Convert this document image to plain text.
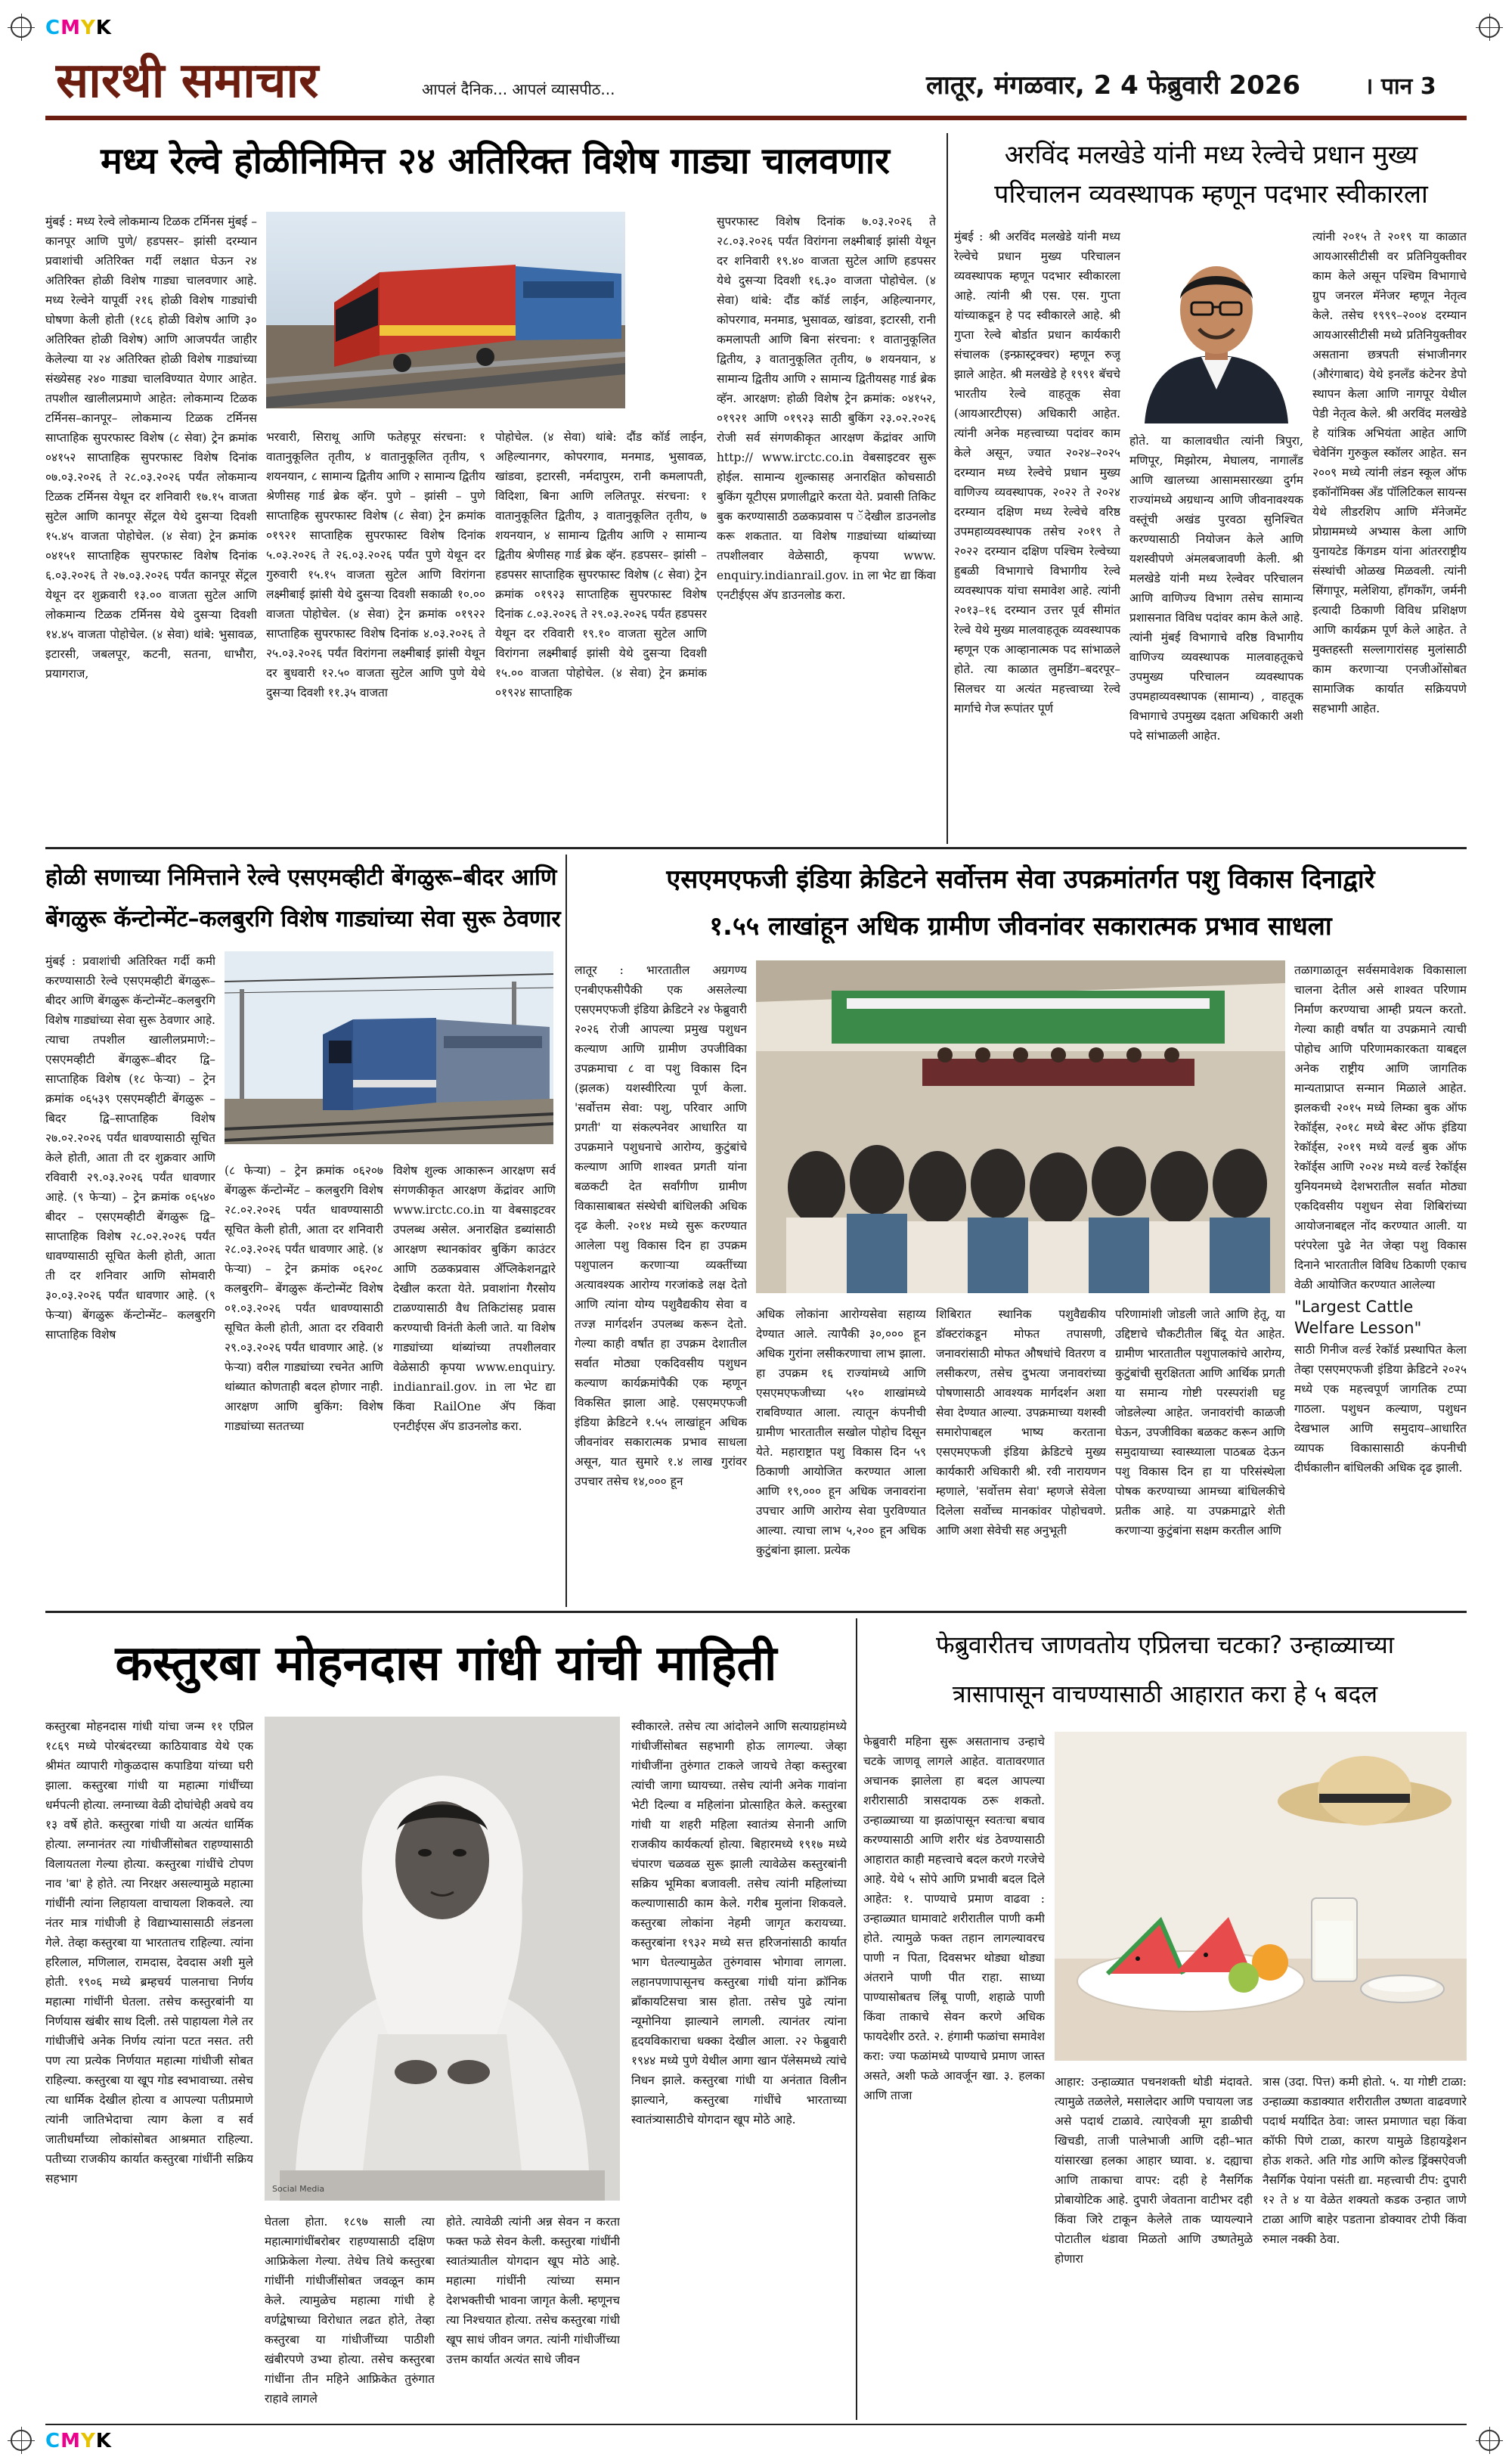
CMYK
CMYK
सारथी समाचार	आपलं दैनिक... आपलं व्यासपीठ...	लातूर, मंगळवार, 2 4 फेब्रुवारी 2026	। पान 3
मध्य रेल्वे होळीनिमित्त २४ अतिरिक्त विशेष गाड्या चालवणार
मुंबई : मध्य रेल्वे लोकमान्य टिळक टर्मिनस मुंबई – कानपूर आणि पुणे/ हडपसर– झांसी दरम्यान प्रवाशांची अतिरिक्त गर्दी लक्षात घेऊन २४ अतिरिक्त होळी विशेष गाड्या चालवणार आहे. मध्य रेल्वेने यापूर्वी २१६ होळी विशेष गाड्यांची घोषणा केली होती (१८६ होळी विशेष आणि ३० अतिरिक्त होळी विशेष) आणि आजपर्यंत जाहीर केलेल्या या २४ अतिरिक्त होळी विशेष गाड्यांच्या संख्येसह २४० गाड्या चालविण्यात येणार आहेत. तपशील खालीलप्रमाणे आहेत: लोकमान्य टिळक टर्मिनस–कानपूर– लोकमान्य टिळक टर्मिनस साप्ताहिक सुपरफास्ट विशेष (८ सेवा) ट्रेन क्रमांक ०४१५२ साप्ताहिक सुपरफास्ट विशेष दिनांक ०७.०३.२०२६ ते २८.०३.२०२६ पर्यंत लोकमान्य टिळक टर्मिनस येथून दर शनिवारी १७.१५ वाजता सुटेल आणि कानपूर सेंट्रल येथे दुसऱ्या दिवशी १५.४५ वाजता पोहोचेल. (४ सेवा) ट्रेन क्रमांक ०४१५१ साप्ताहिक सुपरफास्ट विशेष दिनांक ६.०३.२०२६ ते २७.०३.२०२६ पर्यंत कानपूर सेंट्रल येथून दर शुक्रवारी १३.०० वाजता सुटेल आणि लोकमान्य टिळक टर्मिनस येथे दुसऱ्या दिवशी १४.४५ वाजता पोहोचेल. (४ सेवा) थांबे: भुसावळ, इटारसी, जबलपूर, कटनी, सतना, धाभौरा, प्रयागराज,
भरवारी, सिराथू आणि फतेहपूर संरचना: १ वातानुकूलित तृतीय, ४ वातानुकूलित तृतीय, ९ शयनयान, ८ सामान्य द्वितीय आणि २ सामान्य द्वितीय श्रेणीसह गार्ड ब्रेक व्हॅन. पुणे – झांसी – पुणे साप्ताहिक सुपरफास्ट विशेष (८ सेवा) ट्रेन क्रमांक ०१९२१ साप्ताहिक सुपरफास्ट विशेष दिनांक ५.०३.२०२६ ते २६.०३.२०२६ पर्यंत पुणे येथून दर गुरुवारी १५.१५ वाजता सुटेल आणि विरांगना लक्ष्मीबाई झांसी येथे दुसऱ्या दिवशी सकाळी १०.०० वाजता पोहोचेल. (४ सेवा) ट्रेन क्रमांक ०१९२२ साप्ताहिक सुपरफास्ट विशेष दिनांक ४.०३.२०२६ ते २५.०३.२०२६ पर्यंत विरांगना लक्ष्मीबाई झांसी येथून दर बुधवारी १२.५० वाजता सुटेल आणि पुणे येथे दुसऱ्या दिवशी ११.३५ वाजता
पोहोचेल. (४ सेवा) थांबे: दौंड कॉर्ड लाईन, अहिल्यानगर, कोपरगाव, मनमाड, भुसावळ, खांडवा, इटारसी, नर्मदापुरम, रानी कमलापती, विदिशा, बिना आणि ललितपूर. संरचना: १ वातानुकूलित द्वितीय, ३ वातानुकूलित तृतीय, ७ शयनयान, ४ सामान्य द्वितीय आणि २ सामान्य द्वितीय श्रेणीसह गार्ड ब्रेक व्हॅन. हडपसर– झांसी – हडपसर साप्ताहिक सुपरफास्ट विशेष (८ सेवा) ट्रेन क्रमांक ०१९२३ साप्ताहिक सुपरफास्ट विशेष दिनांक ८.०३.२०२६ ते २९.०३.२०२६ पर्यंत हडपसर येथून दर रविवारी १९.१० वाजता सुटेल आणि विरांगना लक्ष्मीबाई झांसी येथे दुसऱ्या दिवशी १५.०० वाजता पोहोचेल. (४ सेवा) ट्रेन क्रमांक ०१९२४ साप्ताहिक
सुपरफास्ट विशेष दिनांक ७.०३.२०२६ ते २८.०३.२०२६ पर्यंत विरांगना लक्ष्मीबाई झांसी येथून दर शनिवारी १९.४० वाजता सुटेल आणि हडपसर येथे दुसऱ्या दिवशी १६.३० वाजता पोहोचेल. (४ सेवा) थांबे: दौंड कॉर्ड लाईन, अहिल्यानगर, कोपरगाव, मनमाड, भुसावळ, खांडवा, इटारसी, रानी कमलापती आणि बिना संरचना: १ वातानुकूलित द्वितीय, ३ वातानुकूलित तृतीय, ७ शयनयान, ४ सामान्य द्वितीय आणि २ सामान्य द्वितीयसह गार्ड ब्रेक व्हॅन. आरक्षण: होळी विशेष ट्रेन क्रमांक: ०४१५२, ०१९२१ आणि ०१९२३ साठी बुकिंग २३.०२.२०२६ रोजी सर्व संगणकीकृत आरक्षण केंद्रांवर आणि http:// www.irctc.co.in वेबसाइटवर सुरू होईल. सामान्य शुल्कासह अनारक्षित कोचसाठी बुकिंग यूटीएस प्रणालीद्वारे करता येते. प्रवासी तिकिट बुक करण्यासाठी ठळकप्रवास प ॅदेखील डाउनलोड करू शकतात. या विशेष गाड्यांच्या थांब्यांच्या तपशीलवार वेळेसाठी, कृपया www. enquiry.indianrail.gov. in ला भेट द्या किंवा एनटीईएस ॲप डाउनलोड करा.
अरविंद मलखेडे यांनी मध्य रेल्वेचे प्रधान मुख्य
परिचालन व्यवस्थापक म्हणून पदभार स्वीकारला
मुंबई : श्री अरविंद मलखेडे यांनी मध्य रेल्वेचे प्रधान मुख्य परिचालन व्यवस्थापक म्हणून पदभार स्वीकारला आहे. त्यांनी श्री एस. एस. गुप्ता यांच्याकडून हे पद स्वीकारले आहे. श्री गुप्ता रेल्वे बोर्डात प्रधान कार्यकारी संचालक (इन्फ्रास्ट्रक्चर) म्हणून रुजू झाले आहेत. श्री मलखेडे हे १९९१ बॅचचे भारतीय रेल्वे वाहतूक सेवा (आयआरटीएस) अधिकारी आहेत. त्यांनी अनेक महत्त्वाच्या पदांवर काम केले असून, ज्यात २०२४–२०२५ दरम्यान मध्य रेल्वेचे प्रधान मुख्य वाणिज्य व्यवस्थापक, २०२२ ते २०२४ दरम्यान दक्षिण मध्य रेल्वेचे वरिष्ठ उपमहाव्यवस्थापक तसेच २०१९ ते २०२२ दरम्यान दक्षिण पश्चिम रेल्वेच्या हुबळी विभागाचे विभागीय रेल्वे व्यवस्थापक यांचा समावेश आहे. त्यांनी २०१३–१६ दरम्यान उत्तर पूर्व सीमांत रेल्वे येथे मुख्य मालवाहतूक व्यवस्थापक म्हणून एक आव्हानात्मक पद सांभाळले होते. त्या काळात लुमडिंग–बदरपूर–सिलचर या अत्यंत महत्त्वाच्या रेल्वे मार्गाचे गेज रूपांतर पूर्ण
होते. या कालावधीत त्यांनी त्रिपुरा, मणिपूर, मिझोरम, मेघालय, नागालँड आणि खालच्या आसामसारख्या दुर्गम राज्यांमध्ये अग्रधान्य आणि जीवनावश्यक वस्तूंची अखंड पुरवठा सुनिश्चित करण्यासाठी नियोजन केले आणि यशस्वीपणे अंमलबजावणी केली. श्री मलखेडे यांनी मध्य रेल्वेवर परिचालन आणि वाणिज्य विभाग तसेच सामान्य प्रशासनात विविध पदांवर काम केले आहे. त्यांनी मुंबई विभागाचे वरिष्ठ विभागीय वाणिज्य व्यवस्थापक मालवाहतूकचे उपमुख्य परिचालन व्यवस्थापक उपमहाव्यवस्थापक (सामान्य) , वाहतूक विभागाचे उपमुख्य दक्षता अधिकारी अशी पदे सांभाळली आहेत.
त्यांनी २०१५ ते २०१९ या काळात आयआरसीटीसी वर प्रतिनियुक्तीवर काम केले असून पश्चिम विभागाचे ग्रुप जनरल मॅनेजर म्हणून नेतृत्व केले. तसेच १९९९–२००४ दरम्यान आयआरसीटीसी मध्ये प्रतिनियुक्तीवर असताना छत्रपती संभाजीनगर (औरंगाबाद) येथे इनलँड कंटेनर डेपो स्थापन केला आणि नागपूर येथील पेडी नेतृत्व केले. श्री अरविंद मलखेडे हे यांत्रिक अभियंता आहेत आणि चेवेनिंग गुरुकुल स्कॉलर आहेत. सन २००९ मध्ये त्यांनी लंडन स्कूल ऑफ इकॉनॉमिक्स ॲंड पॉलिटिकल सायन्स येथे लीडरशिप आणि मॅनेजमेंट प्रोग्राममध्ये अभ्यास केला आणि युनायटेड किंगडम यांना आंतरराष्ट्रीय संस्थांची ओळख मिळवली. त्यांनी सिंगापूर, मलेशिया, हॉंगकॉंग, जर्मनी इत्यादी ठिकाणी विविध प्रशिक्षण आणि कार्यक्रम पूर्ण केले आहेत. ते मुक्तहस्ती सल्लागारांसह मुलांसाठी काम करणाऱ्या एनजीओंसोबत सामाजिक कार्यात सक्रियपणे सहभागी आहेत.
होळी सणाच्या निमित्ताने रेल्वे एसएमव्हीटी बेंगळुरू–बीदर आणि
बेंगळुरू कॅन्टोन्मेंट–कलबुरगि विशेष गाड्यांच्या सेवा सुरू ठेवणार
मुंबई : प्रवाशांची अतिरिक्त गर्दी कमी करण्यासाठी रेल्वे एसएमव्हीटी बेंगळुरू–बीदर आणि बेंगळुरू कॅन्टोन्मेंट–कलबुरगि विशेष गाड्यांच्या सेवा सुरू ठेवणार आहे. त्याचा तपशील खालीलप्रमाणे:– एसएमव्हीटी बेंगळुरू–बीदर द्वि–साप्ताहिक विशेष (१८ फेऱ्या) – ट्रेन क्रमांक ०६५३९ एसएमव्हीटी बेंगळुरू – बिदर द्वि–साप्ताहिक विशेष २७.०२.२०२६ पर्यंत धावण्यासाठी सूचित केले होती, आता ती दर शुक्रवार आणि रविवारी २९.०३.२०२६ पर्यंत धावणार आहे. (९ फेऱ्या) – ट्रेन क्रमांक ०६५४० बीदर – एसएमव्हीटी बेंगळुरू द्वि–साप्ताहिक विशेष २८.०२.२०२६ पर्यंत धावण्यासाठी सूचित केली होती, आता ती दर शनिवार आणि सोमवारी ३०.०३.२०२६ पर्यंत धावणार आहे. (९ फेऱ्या) बेंगळुरू कॅन्टोन्मेंट– कलबुरगि साप्ताहिक विशेष
(८ फेऱ्या) – ट्रेन क्रमांक ०६२०७ बेंगळुरू कॅन्टोन्मेंट – कलबुरगि विशेष २८.०२.२०२६ पर्यंत धावण्यासाठी सूचित केली होती, आता दर शनिवारी २८.०३.२०२६ पर्यंत धावणार आहे. (४ फेऱ्या) – ट्रेन क्रमांक ०६२०८ कलबुरगि– बेंगळुरू कॅन्टोन्मेंट विशेष ०१.०३.२०२६ पर्यंत धावण्यासाठी सूचित केली होती, आता दर रविवारी २९.०३.२०२६ पर्यंत धावणार आहे. (४ फेऱ्या) वरील गाड्यांच्या रचनेत आणि थांब्यात कोणताही बदल होणार नाही. आरक्षण आणि बुकिंग: विशेष गाड्यांच्या सततच्या
विशेष शुल्क आकारून आरक्षण सर्व संगणकीकृत आरक्षण केंद्रांवर आणि www.irctc.co.in या वेबसाइटवर उपलब्ध असेल. अनारक्षित डब्यांसाठी आरक्षण स्थानकांवर बुकिंग काउंटर आणि ठळकप्रवास ॲप्लिकेशनद्वारे देखील करता येते. प्रवाशांना गैरसोय टाळण्यासाठी वैध तिकिटांसह प्रवास करण्याची विनंती केली जाते. या विशेष गाड्यांच्या थांब्यांच्या तपशीलवार वेळेसाठी कृपया www.enquiry. indianrail.gov. in ला भेट द्या किंवा RailOne ॲप किंवा एनटीईएस ॲप डाउनलोड करा.
एसएमएफजी इंडिया क्रेडिटने सर्वोत्तम सेवा उपक्रमांतर्गत पशु विकास दिनाद्वारे
१.५५ लाखांहून अधिक ग्रामीण जीवनांवर सकारात्मक प्रभाव साधला
लातूर : भारतातील अग्रगण्य एनबीएफसीपैकी एक असलेल्या एसएमएफजी इंडिया क्रेडिटने २४ फेब्रुवारी २०२६ रोजी आपल्या प्रमुख पशुधन कल्याण आणि ग्रामीण उपजीविका उपक्रमाचा ८ वा पशु विकास दिन (झलक) यशस्वीरित्या पूर्ण केला. 'सर्वोत्तम सेवा: पशु, परिवार आणि प्रगती' या संकल्पनेवर आधारित या उपक्रमाने पशुधनाचे आरोग्य, कुटुंबांचे कल्याण आणि शाश्वत प्रगती यांना बळकटी देत सर्वांगीण ग्रामीण विकासाबाबत संस्थेची बांधिलकी अधिक दृढ केली. २०१४ मध्ये सुरू करण्यात आलेला पशु विकास दिन हा उपक्रम पशुपालन करणाऱ्या व्यक्तींच्या अत्यावश्यक आरोग्य गरजांकडे लक्ष देतो आणि त्यांना योग्य पशुवैद्यकीय सेवा व तज्ज्ञ मार्गदर्शन उपलब्ध करून देतो. गेल्या काही वर्षांत हा उपक्रम देशातील सर्वात मोठ्या एकदिवसीय पशुधन कल्याण कार्यक्रमांपैकी एक म्हणून विकसित झाला आहे. एसएमएफजी इंडिया क्रेडिटने १.५५ लाखांहून अधिक जीवनांवर सकारात्मक प्रभाव साधला असून, यात सुमारे १.४ लाख गुरांवर उपचार तसेच १४,००० हून
अधिक लोकांना आरोग्यसेवा सहाय्य देण्यात आले. त्यापैकी ३०,००० हून अधिक गुरांना लसीकरणाचा लाभ झाला. हा उपक्रम १६ राज्यांमध्ये आणि एसएमएफजीच्या ५१० शाखांमध्ये राबविण्यात आला. त्यातून कंपनीची ग्रामीण भारतातील सखोल पोहोच दिसून येते. महाराष्ट्रात पशु विकास दिन ५९ ठिकाणी आयोजित करण्यात आला आणि १९,००० हून अधिक जनावरांना उपचार आणि आरोग्य सेवा पुरविण्यात आल्या. त्याचा लाभ ५,२०० हून अधिक कुटुंबांना झाला. प्रत्येक
शिबिरात स्थानिक पशुवैद्यकीय डॉक्टरांकडून मोफत तपासणी, जनावरांसाठी मोफत औषधांचे वितरण व लसीकरण, तसेच दुभत्या जनावरांच्या पोषणासाठी आवश्यक मार्गदर्शन अशा सेवा देण्यात आल्या. उपक्रमाच्या यशस्वी समारोपाबद्दल भाष्य करताना एसएमएफजी इंडिया क्रेडिटचे मुख्य कार्यकारी अधिकारी श्री. रवी नारायणन म्हणाले, 'सर्वोत्तम सेवा' म्हणजे सेवेला दिलेला सर्वोच्च मानकांवर पोहोचवणे. आणि अशा सेवेची सह अनुभूती
परिणामांशी जोडली जाते आणि हेतू, या उद्दिष्टाचे चौकटीतील बिंदू येत आहेत. ग्रामीण भारतातील पशुपालकांचे आरोग्य, कुटुंबांची सुरक्षितता आणि आर्थिक प्रगती या समान्य गोष्टी परस्परांशी घट्ट जोडलेल्या आहेत. जनावरांची काळजी घेऊन, उपजीविका बळकट करून आणि समुदायाच्या स्वास्थ्याला पाठबळ देऊन पशु विकास दिन हा या परिसंस्थेला पोषक करण्याच्या आमच्या बांधिलकीचे प्रतीक आहे. या उपक्रमाद्वारे शेती करणाऱ्या कुटुंबांना सक्षम करतील आणि
तळागाळातून सर्वसमावेशक विकासाला चालना देतील असे शाश्वत परिणाम निर्माण करण्याचा आम्ही प्रयत्न करतो. गेल्या काही वर्षांत या उपक्रमाने त्याची पोहोच आणि परिणामकारकता याबद्दल अनेक राष्ट्रीय आणि जागतिक मान्यताप्राप्त सन्मान मिळाले आहेत. झलकची २०१५ मध्ये लिम्का बुक ऑफ रेकॉर्ड्स, २०१८ मध्ये बेस्ट ऑफ इंडिया रेकॉर्ड्स, २०१९ मध्ये वर्ल्ड बुक ऑफ रेकॉर्ड्स आणि २०२४ मध्ये वर्ल्ड रेकॉर्ड्स युनियनमध्ये देशभरातील सर्वात मोठ्या एकदिवसीय पशुधन सेवा शिबिरांच्या आयोजनाबद्दल नोंद करण्यात आली. या परंपरेला पुढे नेत जेव्हा पशु विकास दिनाने भारतातील विविध ठिकाणी एकाच वेळी आयोजित करण्यात आलेल्या
"Largest Cattle Welfare Lesson"
साठी गिनीज वर्ल्ड रेकॉर्ड प्रस्थापित केला तेव्हा एसएमएफजी इंडिया क्रेडिटने २०२५ मध्ये एक महत्त्वपूर्ण जागतिक टप्पा गाठला. पशुधन कल्याण, पशुधन देखभाल आणि समुदाय–आधारित व्यापक विकासासाठी कंपनीची दीर्घकालीन बांधिलकी अधिक दृढ झाली.
कस्तुरबा मोहनदास गांधी यांची माहिती
कस्तुरबा मोहनदास गांधी यांचा जन्म ११ एप्रिल १८६९ मध्ये पोरबंदरच्या काठियावाड येथे एक श्रीमंत व्यापारी गोकुळदास कपाडिया यांच्या घरी झाला. कस्तुरबा गांधी या महात्मा गांधींच्या धर्मपत्नी होत्या. लग्नाच्या वेळी दोघांचेही अवघे वय १३ वर्षे होते. कस्तुरबा गांधी या अत्यंत धार्मिक होत्या. लग्नानंतर त्या गांधीजींसोबत राहण्यासाठी विलायतला गेल्या होत्या. कस्तुरबा गांधींचे टोपण नाव 'बा' हे होते. त्या निरक्षर असल्यामुळे महात्मा गांधींनी त्यांना लिहायला वाचायला शिकवले. त्या नंतर मात्र गांधीजी हे विद्याभ्यासासाठी लंडनला गेले. तेव्हा कस्तुरबा या भारतातच राहिल्या. त्यांना हरिलाल, मणिलाल, रामदास, देवदास अशी मुले होती. १९०६ मध्ये ब्रम्हचर्य पालनाचा निर्णय महात्मा गांधींनी घेतला. तसेच कस्तुरबांनी या निर्णयास खंबीर साथ दिली. तसे पाहायला गेले तर गांधीजींचे अनेक निर्णय त्यांना पटत नसत. तरी पण त्या प्रत्येक निर्णयात महात्मा गांधीजी सोबत राहिल्या. कस्तुरबा या खूप गोड स्वभावाच्या. तसेच त्या धार्मिक देखील होत्या व आपल्या पतीप्रमाणे त्यांनी जातिभेदाचा त्याग केला व सर्व जातीधर्मांच्या लोकांसोबत आश्रमात राहिल्या. पतीच्या राजकीय कार्यात कस्तुरबा गांधींनी सक्रिय सहभाग
Social Media
घेतला होता. १८९७ साली त्या महात्मागांधींबरोबर राहण्यासाठी दक्षिण आफ्रिकेला गेल्या. तेथेच तिथे कस्तुरबा गांधींनी गांधीजींसोबत जवळून काम केले. त्यामुळेच महात्मा गांधी हे वर्णद्वेषाच्या विरोधात लढत होते, तेव्हा कस्तुरबा या गांधीजींच्या पाठीशी खंबीरपणे उभ्या होत्या. तसेच कस्तुरबा गांधींना तीन महिने आफ्रिकेत तुरुंगात राहावे लागले
होते. त्यावेळी त्यांनी अन्न सेवन न करता फक्त फळे सेवन केली. कस्तुरबा गांधींनी स्वातंत्र्यातील योगदान खूप मोठे आहे. महात्मा गांधींनी त्यांच्या समान देशभक्तीची भावना जागृत केली. म्हणूनच त्या निश्चयात होत्या. तसेच कस्तुरबा गांधी खूप साधं जीवन जगत. त्यांनी गांधीजींच्या उत्तम कार्यात अत्यंत साधे जीवन
स्वीकारले. तसेच त्या आंदोलने आणि सत्याग्रहांमध्ये गांधीजींसोबत सहभागी होऊ लागल्या. जेव्हा गांधीजींना तुरुंगात टाकले जायचे तेव्हा कस्तुरबा त्यांची जागा घ्यायच्या. तसेच त्यांनी अनेक गावांना भेटी दिल्या व महिलांना प्रोत्साहित केले. कस्तुरबा गांधी या शहरी महिला स्वातंत्र्य सेनानी आणि राजकीय कार्यकर्त्या होत्या. बिहारमध्ये १९१७ मध्ये चंपारण चळवळ सुरू झाली त्यावेळेस कस्तुरबांनी सक्रिय भूमिका बजावली. तसेच त्यांनी महिलांच्या कल्याणासाठी काम केले. गरीब मुलांना शिकवले. कस्तुरबा लोकांना नेहमी जागृत करायच्या. कस्तुरबांना १९३२ मध्ये सत्त हरिजनांसाठी कार्यात भाग घेतल्यामुळेत तुरुंगवास भोगावा लागला. लहानपणापासूनच कस्तुरबा गांधी यांना क्रॉनिक ब्रॉंकायटिसचा त्रास होता. तसेच पुढे त्यांना न्यूमोनिया झाल्याने लागली. त्यानंतर त्यांना हृदयविकाराचा धक्का देखील आला. २२ फेब्रुवारी १९४४ मध्ये पुणे येथील आगा खान पॅलेसमध्ये त्यांचे निधन झाले. कस्तुरबा गांधी या अनंतात विलीन झाल्याने, कस्तुरबा गांधींचे भारताच्या स्वातंत्र्यासाठीचे योगदान खूप मोठे आहे.
फेब्रुवारीतच जाणवतोय एप्रिलचा चटका? उन्हाळ्याच्या
त्रासापासून वाचण्यासाठी आहारात करा हे ५ बदल
फेब्रुवारी महिना सुरू असतानाच उन्हाचे चटके जाणवू लागले आहेत. वातावरणात अचानक झालेला हा बदल आपल्या शरीरासाठी त्रासदायक ठरू शकतो. उन्हाळ्याच्या या झळांपासून स्वतःचा बचाव करण्यासाठी आणि शरीर थंड ठेवण्यासाठी आहारात काही महत्त्वाचे बदल करणे गरजेचे आहे. येथे ५ सोपे आणि प्रभावी बदल दिले आहेत: १. पाण्याचे प्रमाण वाढवा : उन्हाळ्यात घामावाटे शरीरातील पाणी कमी होते. त्यामुळे फक्त तहान लागल्यावरच पाणी न पिता, दिवसभर थोड्या थोड्या अंतराने पाणी पीत राहा. साध्या पाण्यासोबतच लिंबू पाणी, शहाळे पाणी किंवा ताकाचे सेवन करणे अधिक फायदेशीर ठरते. २. हंगामी फळांचा समावेश करा: ज्या फळांमध्ये पाण्याचे प्रमाण जास्त असते, अशी फळे आवर्जून खा. ३. हलका आणि ताजा
आहार: उन्हाळ्यात पचनशक्ती थोडी मंदावते. त्यामुळे तळलेले, मसालेदार आणि पचायला जड असे पदार्थ टाळावे. त्याऐवजी मूग डाळीची खिचडी, ताजी पालेभाजी आणि दही–भात यांसारखा हलका आहार घ्यावा. ४. दह्याचा आणि ताकाचा वापर: दही हे नैसर्गिक प्रोबायोटिक आहे. दुपारी जेवताना वाटीभर दही किंवा जिरे टाकून केलेले ताक प्यायल्याने पोटातील थंडावा मिळतो आणि उष्णतेमुळे होणारा
त्रास (उदा. पित्त) कमी होतो. ५. या गोष्टी टाळा: उन्हाळ्या कडाक्यात शरीरातील उष्णता वाढवणारे पदार्थ मर्यादित ठेवा: जास्त प्रमाणात चहा किंवा कॉफी पिणे टाळा, कारण यामुळे डिहायड्रेशन होऊ शकते. अति गोड आणि कोल्ड ड्रिंक्सऐवजी नैसर्गिक पेयांना पसंती द्या. महत्त्वाची टीप: दुपारी १२ ते ४ या वेळेत शक्यतो कडक उन्हात जाणे टाळा आणि बाहेर पडताना डोक्यावर टोपी किंवा रुमाल नक्की ठेवा.
